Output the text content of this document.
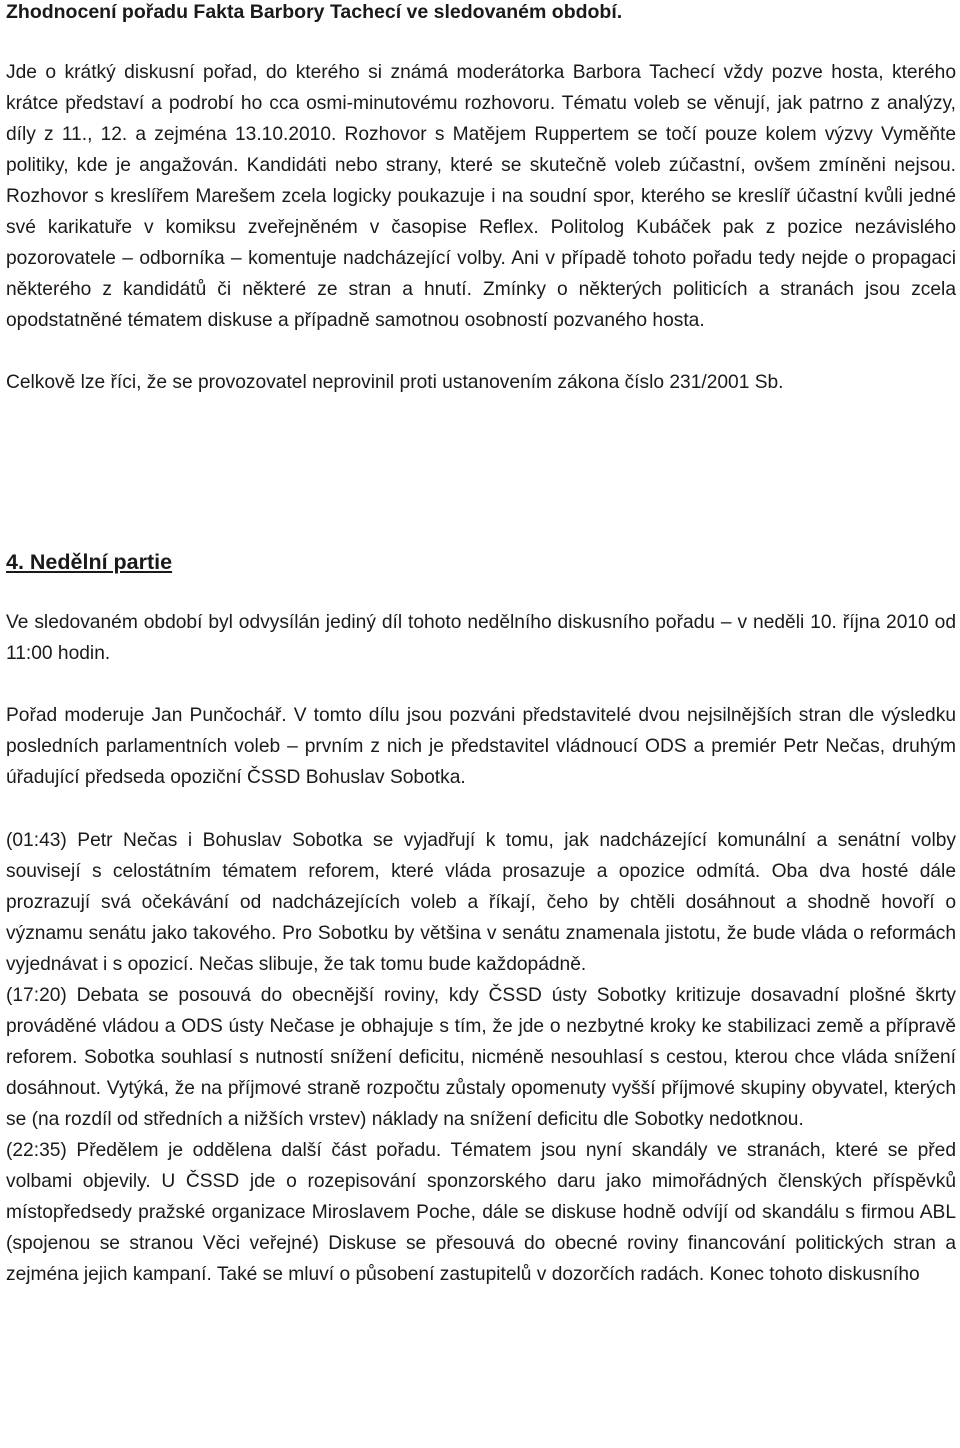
Zhodnocení pořadu Fakta Barbory Tachecí ve sledovaném období.

Jde o krátký diskusní pořad, do kterého si známá moderátorka Barbora Tachecí vždy pozve hosta, kterého krátce představí a podrobí ho cca osmi-minutovému rozhovoru. Tématu voleb se věnují, jak patrno z analýzy, díly z 11., 12. a zejména 13.10.2010. Rozhovor s Matějem Ruppertem se točí pouze kolem výzvy Vyměňte politiky, kde je angažován. Kandidáti nebo strany, které se skutečně voleb zúčastní, ovšem zmíněni nejsou. Rozhovor s kreslířem Marešem zcela logicky poukazuje i na soudní spor, kterého se kreslíř účastní kvůli jedné své karikatuře v komiksu zveřejněném v časopise Reflex. Politolog Kubáček pak z pozice nezávislého pozorovatele – odborníka – komentuje nadcházející volby. Ani v případě tohoto pořadu tedy nejde o propagaci některého z kandidátů či některé ze stran a hnutí. Zmínky o některých politicích a stranách jsou zcela opodstatněné tématem diskuse a případně samotnou osobností pozvaného hosta.

Celkově lze říci, že se provozovatel neprovinil proti ustanovením zákona číslo 231/2001 Sb.

4. Nedělní partie

Ve sledovaném období byl odvysílán jediný díl tohoto nedělního diskusního pořadu – v neděli 10. října 2010 od 11:00 hodin.

Pořad moderuje Jan Punčochář. V tomto dílu jsou pozváni představitelé dvou nejsilnějších stran dle výsledku posledních parlamentních voleb – prvním z nich je představitel vládnoucí ODS a premiér Petr Nečas, druhým úřadující předseda opoziční ČSSD Bohuslav Sobotka.

(01:43) Petr Nečas i Bohuslav Sobotka se vyjadřují k tomu, jak nadcházející komunální a senátní volby souvisejí s celostátním tématem reforem, které vláda prosazuje a opozice odmítá. Oba dva hosté dále prozrazují svá očekávání od nadcházejících voleb a říkají, čeho by chtěli dosáhnout a shodně hovoří o významu senátu jako takového. Pro Sobotku by většina v senátu znamenala jistotu, že bude vláda o reformách vyjednávat i s opozicí. Nečas slibuje, že tak tomu bude každopádně.

(17:20) Debata se posouvá do obecnější roviny, kdy ČSSD ústy Sobotky kritizuje dosavadní plošné škrty prováděné vládou a ODS ústy Nečase je obhajuje s tím, že jde o nezbytné kroky ke stabilizaci země a přípravě reforem. Sobotka souhlasí s nutností snížení deficitu, nicméně nesouhlasí s cestou, kterou chce vláda snížení dosáhnout. Vytýká, že na příjmové straně rozpočtu zůstaly opomenuty vyšší příjmové skupiny obyvatel, kterých se (na rozdíl od středních a nižších vrstev) náklady na snížení deficitu dle Sobotky nedotknou.

(22:35) Předělem je oddělena další část pořadu. Tématem jsou nyní skandály ve stranách, které se před volbami objevily. U ČSSD jde o rozepisování sponzorského daru jako mimořádných členských příspěvků místopředsedy pražské organizace Miroslavem Poche, dále se diskuse hodně odvíjí od skandálu s firmou ABL (spojenou se stranou Věci veřejné) Diskuse se přesouvá do obecné roviny financování politických stran a zejména jejich kampaní. Také se mluví o působení zastupitelů v dozorčích radách. Konec tohoto diskusního
